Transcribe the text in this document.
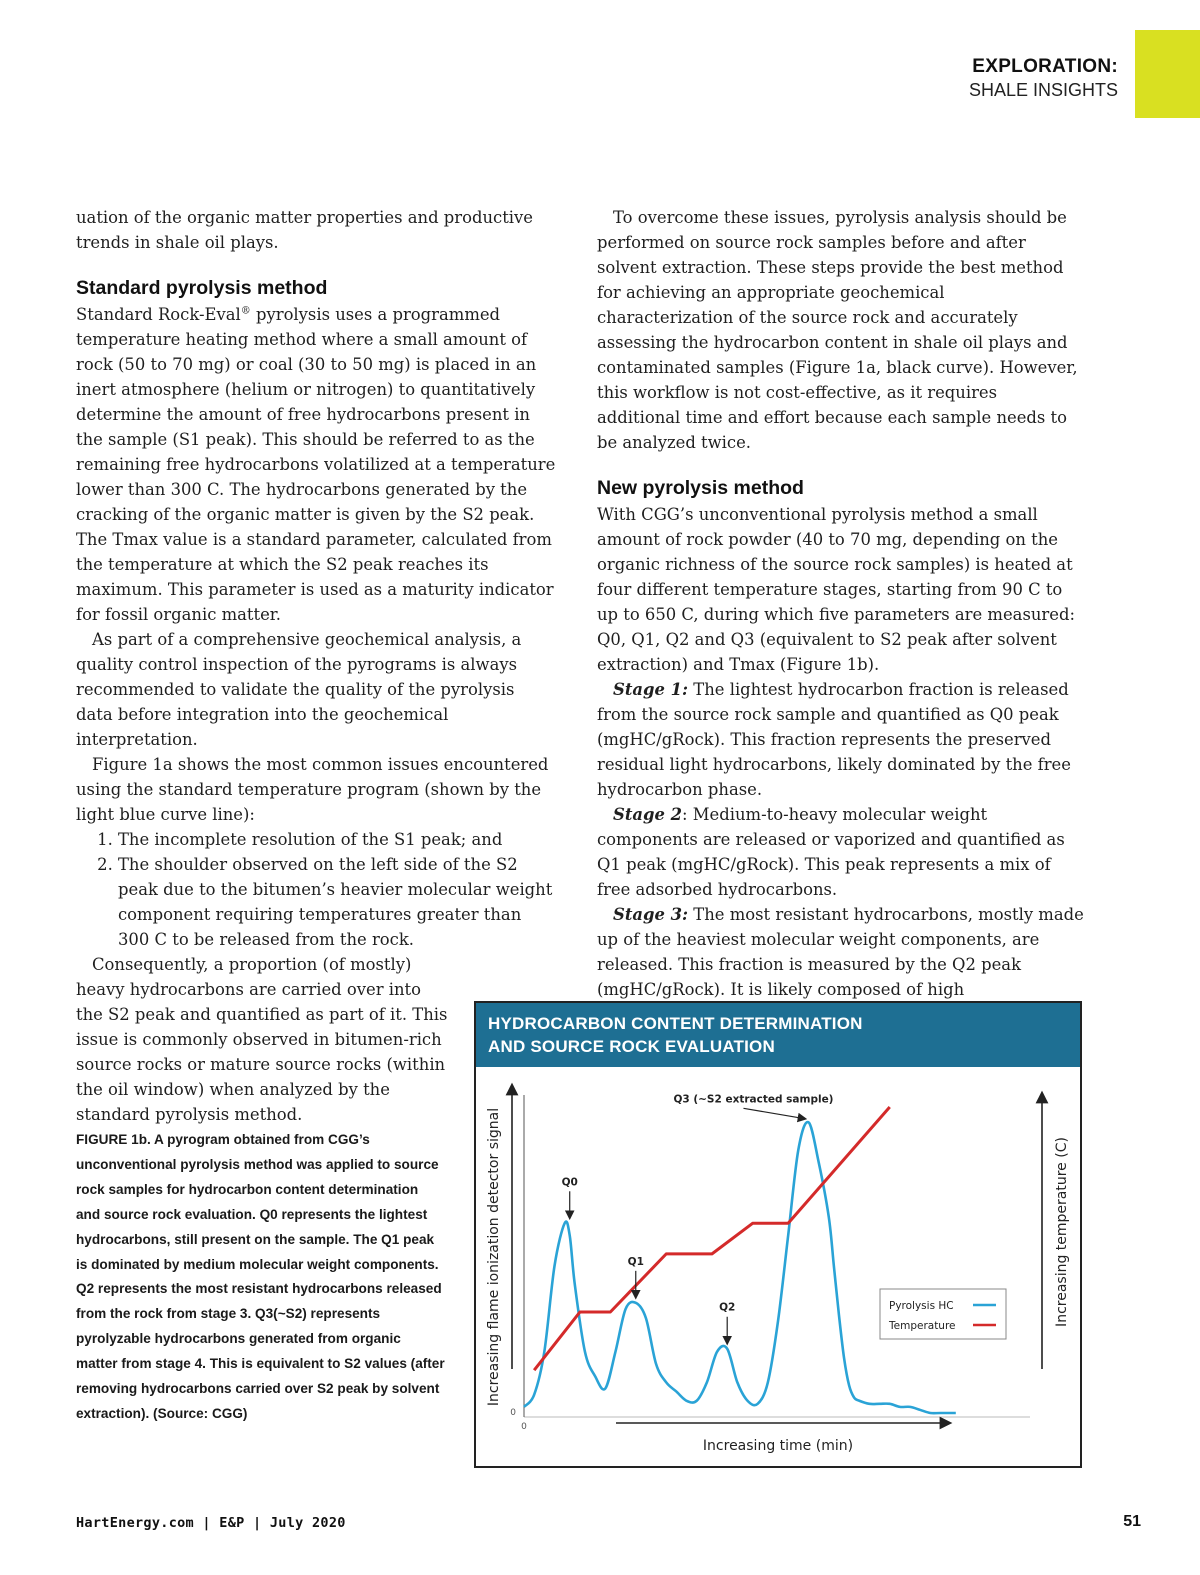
EXPLORATION:
SHALE INSIGHTS

uation of the organic matter properties and productive trends in shale oil plays.

Standard pyrolysis method

Standard Rock-Eval® pyrolysis uses a programmed temperature heating method where a small amount of rock (50 to 70 mg) or coal (30 to 50 mg) is placed in an inert atmosphere (helium or nitrogen) to quantitatively determine the amount of free hydrocarbons present in the sample (S1 peak). This should be referred to as the remaining free hydrocarbons volatilized at a temperature lower than 300 C. The hydrocarbons generated by the cracking of the organic matter is given by the S2 peak. The Tmax value is a standard parameter, calculated from the temperature at which the S2 peak reaches its maximum. This parameter is used as a maturity indicator for fossil organic matter.

As part of a comprehensive geochemical analysis, a quality control inspection of the pyrograms is always recommended to validate the quality of the pyrolysis data before integration into the geochemical interpretation.

Figure 1a shows the most common issues encountered using the standard temperature program (shown by the light blue curve line):

1. The incomplete resolution of the S1 peak; and
2. The shoulder observed on the left side of the S2 peak due to the bitumen’s heavier molecular weight component requiring temperatures greater than 300 C to be released from the rock.

Consequently, a proportion (of mostly) heavy hydrocarbons are carried over into the S2 peak and quantified as part of it. This issue is commonly observed in bitumen-rich source rocks or mature source rocks (within the oil window) when analyzed by the standard pyrolysis method.

FIGURE 1b. A pyrogram obtained from CGG’s unconventional pyrolysis method was applied to source rock samples for hydrocarbon content determination and source rock evaluation. Q0 represents the lightest hydrocarbons, still present on the sample. The Q1 peak is dominated by medium molecular weight components. Q2 represents the most resistant hydrocarbons released from the rock from stage 3. Q3(~S2) represents pyrolyzable hydrocarbons generated from organic matter from stage 4. This is equivalent to S2 values (after removing hydrocarbons carried over S2 peak by solvent extraction). (Source: CGG)

To overcome these issues, pyrolysis analysis should be performed on source rock samples before and after solvent extraction. These steps provide the best method for achieving an appropriate geochemical characterization of the source rock and accurately assessing the hydrocarbon content in shale oil plays and contaminated samples (Figure 1a, black curve). However, this workflow is not cost-effective, as it requires additional time and effort because each sample needs to be analyzed twice.

New pyrolysis method

With CGG’s unconventional pyrolysis method a small amount of rock powder (40 to 70 mg, depending on the organic richness of the source rock samples) is heated at four different temperature stages, starting from 90 C to up to 650 C, during which five parameters are measured: Q0, Q1, Q2 and Q3 (equivalent to S2 peak after solvent extraction) and Tmax (Figure 1b).

Stage 1: The lightest hydrocarbon fraction is released from the source rock sample and quantified as Q0 peak (mgHC/gRock). This fraction represents the preserved residual light hydrocarbons, likely dominated by the free hydrocarbon phase.

Stage 2: Medium-to-heavy molecular weight components are released or vaporized and quantified as Q1 peak (mgHC/gRock). This peak represents a mix of free adsorbed hydrocarbons.

Stage 3: The most resistant hydrocarbons, mostly made up of the heaviest molecular weight components, are released. This fraction is measured by the Q2 peak (mgHC/gRock). It is likely composed of high

HYDROCARBON CONTENT DETERMINATION
AND SOURCE ROCK EVALUATION
0
0
Increasing flame ionization detector signal	Increasing temperature (C)
Increasing time (min)
Q0
Q1
Q2
Q3 (~S2 extracted sample)
Pyrolysis HC
Temperature
HartEnergy.com | E&P | July 2020	51
